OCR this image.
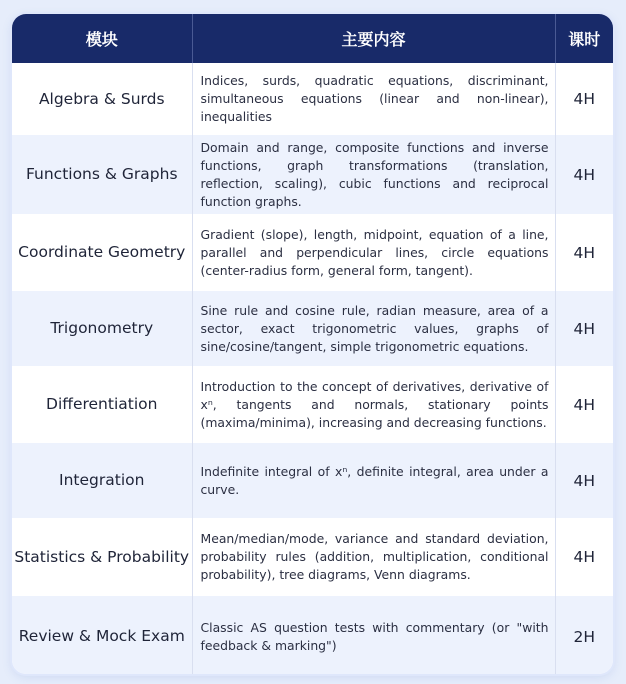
模块	主要内容	课时
Algebra & Surds	Indices, surds, quadratic equations, discriminant, simultaneous equations (linear and non-linear), inequalities	4H
Functions & Graphs	Domain and range, composite functions and inverse functions, graph transformations (translation, reflection, scaling), cubic functions and reciprocal function graphs.	4H
Coordinate Geometry	Gradient (slope), length, midpoint, equation of a line, parallel and perpendicular lines, circle equations (center-radius form, general form, tangent).	4H
Trigonometry	Sine rule and cosine rule, radian measure, area of a sector, exact trigonometric values, graphs of sine/cosine/tangent, simple trigonometric equations.	4H
Differentiation	Introduction to the concept of derivatives, derivative of xⁿ, tangents and normals, stationary points (maxima/minima), increasing and decreasing functions.	4H
Integration	Indefinite integral of xⁿ, definite integral, area under a curve.	4H
Statistics & Probability	Mean/median/mode, variance and standard deviation, probability rules (addition, multiplication, conditional probability), tree diagrams, Venn diagrams.	4H
Review & Mock Exam	Classic AS question tests with commentary (or "with feedback & marking")	2H
